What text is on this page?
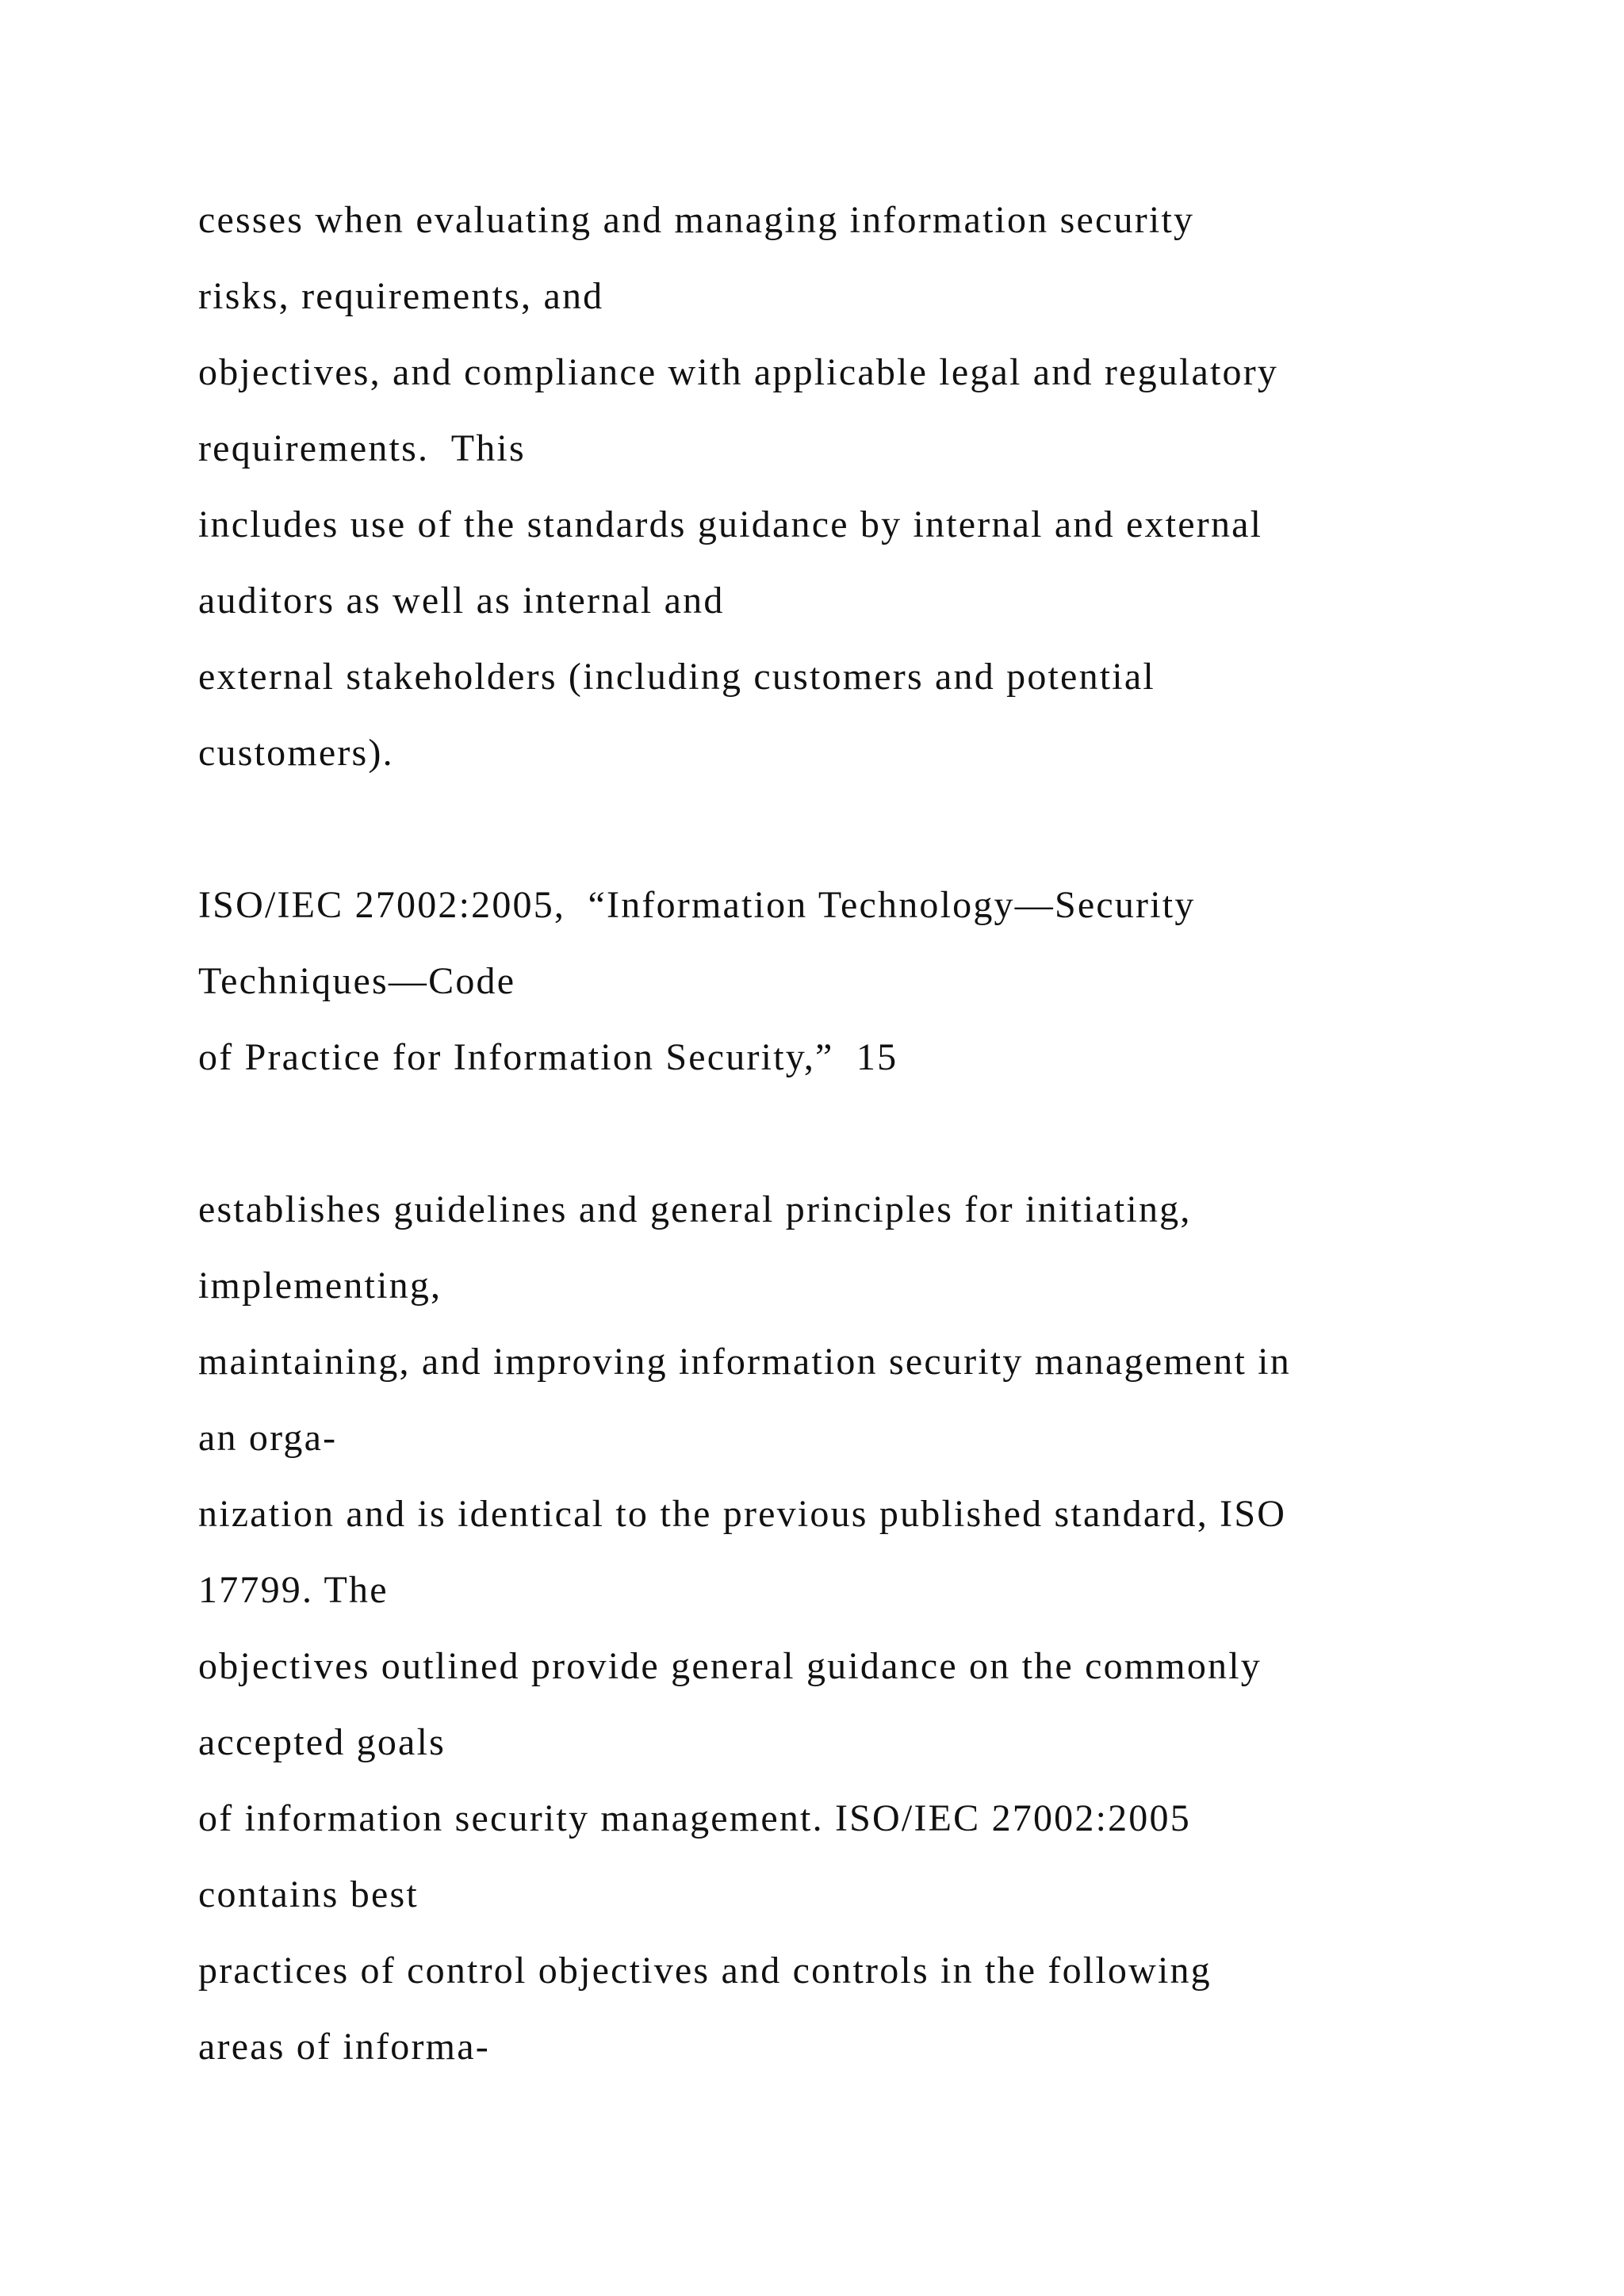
cesses when evaluating and managing information security

risks, requirements, and

objectives, and compliance with applicable legal and regulatory

requirements.  This

includes use of the standards guidance by internal and external

auditors as well as internal and

external stakeholders (including customers and potential

customers).

ISO/IEC 27002:2005,  “Information Technology—Security

Techniques—Code

of Practice for Information Security,”  15

establishes guidelines and general principles for initiating,

implementing,

maintaining, and improving information security management in

an orga-

nization and is identical to the previous published standard, ISO

17799. The

objectives outlined provide general guidance on the commonly

accepted goals

of information security management. ISO/IEC 27002:2005

contains best

practices of control objectives and controls in the following

areas of informa-
